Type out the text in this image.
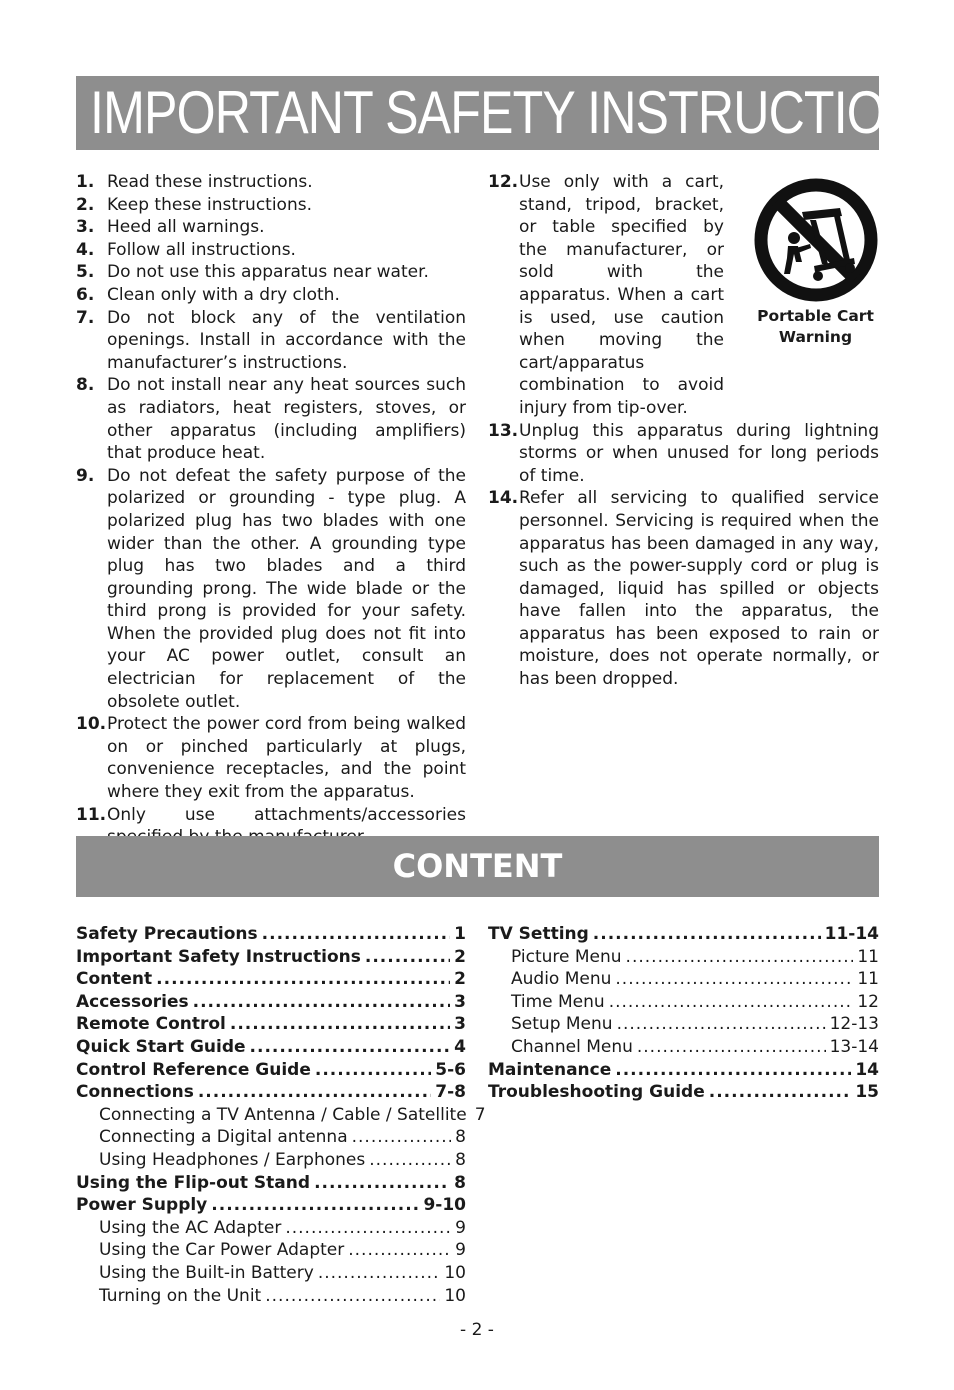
IMPORTANT SAFETY INSTRUCTIONS
1. Read these instructions.
2. Keep these instructions.
3. Heed all warnings.
4. Follow all instructions.
5. Do not use this apparatus near water.
6. Clean only with a dry cloth.
7. Do not block any of the ventilation openings. Install in accordance with the manufacturer’s instructions.
8. Do not install near any heat sources such as radiators, heat registers, stoves, or other apparatus (including amplifiers) that produce heat.
9. Do not defeat the safety purpose of the polarized or grounding - type plug. A polarized plug has two blades with one wider than the other. A grounding type plug has two blades and a third grounding prong. The wide blade or the third prong is provided for your safety. When the provided plug does not fit into your AC power outlet, consult an electrician for replacement of the obsolete outlet.
10. Protect the power cord from being walked on or pinched particularly at plugs, convenience receptacles, and the point where they exit from the apparatus.
11. Only use attachments/accessories
12. Use only with a cart, stand, tripod, bracket, or table specified by the manufacturer, or sold with the apparatus. When a cart is used, use caution when moving the cart/apparatus combination to avoid injury from tip-over.
13. Unplug this apparatus during lightning storms or when unused for long periods of time.
14. Refer all servicing to qualified service personnel. Servicing is required when the apparatus has been damaged in any way, such as the power-supply cord or plug is damaged, liquid has spilled or objects have fallen into the apparatus, the apparatus has been exposed to rain or moisture, does not operate normally, or has been dropped.
Portable Cart
Warning
CONTENT
Safety Precautions .....	1
Important Safety Instructions .....	2
Content .....	2
Accessories .....	3
Remote Control .....	3
Quick Start Guide .....	4
Control Reference Guide .....	5-6
Connections .....	7-8
Connecting a TV Antenna / Cable / Satellite 7
Connecting a Digital antenna .....	8
Using Headphones / Earphones .....	8
Using the Flip-out Stand .....	8
Power Supply .....	9-10
Using the AC Adapter .....	9
Using the Car Power Adapter .....	9
Using the Built-in Battery .....	10
Turning on the Unit .....	10
TV Setting .....	11-14
Picture Menu .....	11
Audio Menu .....	11
Time Menu .....	12
Setup Menu .....	12-13
Channel Menu .....	13-14
Maintenance .....	14
Troubleshooting Guide .....	15
- 2 -
